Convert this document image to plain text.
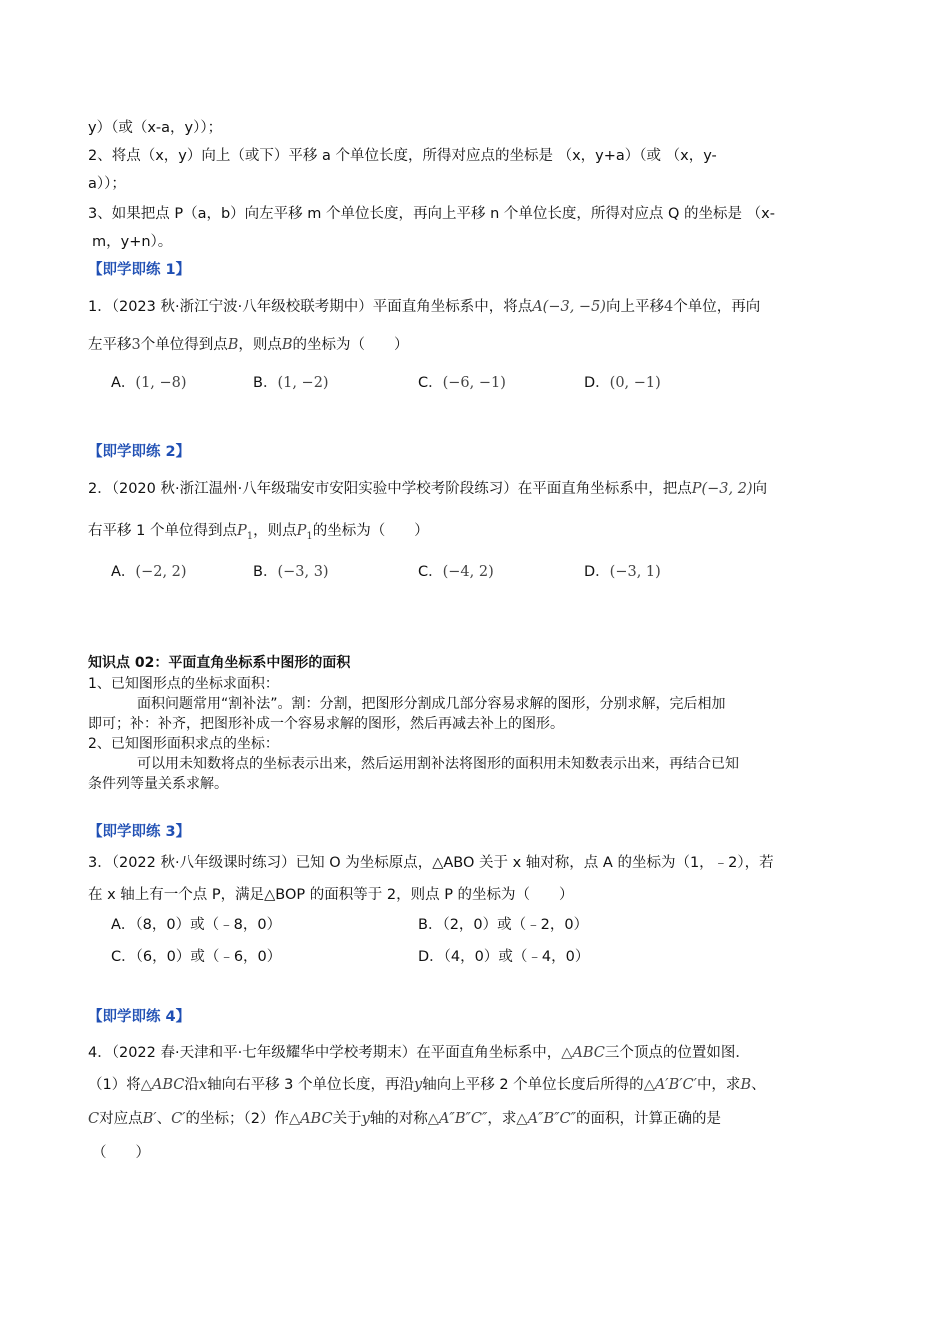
y）（或（x-a，y））；
2、将点（x，y）向上（或下）平移 a 个单位长度，所得对应点的坐标是 （x，y+a）（或 （x，y-
a））；
3、如果把点 P（a，b）向左平移 m 个单位长度，再向上平移 n 个单位长度，所得对应点 Q 的坐标是 （x-
m，y+n）。
【即学即练 1】
1．（2023 秋·浙江宁波·八年级校联考期中）平面直角坐标系中，将点A(−3, −5)向上平移4个单位，再向
左平移3个单位得到点B，则点B的坐标为（　　）
A．(1, −8)	B．(1, −2)	C．(−6, −1)	D．(0, −1)
【即学即练 2】
2．（2020 秋·浙江温州·八年级瑞安市安阳实验中学校考阶段练习）在平面直角坐标系中，把点P(−3, 2)向
右平移 1 个单位得到点$P_1$，则点$P_1$的坐标为（　　）
A．(−2, 2)	B．(−3, 3)	C．(−4, 2)	D．(−3, 1)
知识点 02：平面直角坐标系中图形的面积
1、已知图形点的坐标求面积：
面积问题常用“割补法”。割：分割，把图形分割成几部分容易求解的图形，分别求解，完后相加
即可；补：补齐，把图形补成一个容易求解的图形，然后再减去补上的图形。
2、已知图形面积求点的坐标：
可以用未知数将点的坐标表示出来，然后运用割补法将图形的面积用未知数表示出来，再结合已知
条件列等量关系求解。
【即学即练 3】
3．（2022 秋·八年级课时练习）已知 O 为坐标原点，△ABO 关于 x 轴对称，点 A 的坐标为（1，﹣2），若
在 x 轴上有一个点 P，满足△BOP 的面积等于 2，则点 P 的坐标为（　　）
A．（8，0）或（﹣8，0）	B．（2，0）或（﹣2，0）
C．（6，0）或（﹣6，0）	D．（4，0）或（﹣4，0）
【即学即练 4】
4．（2022 春·天津和平·七年级耀华中学校考期末）在平面直角坐标系中，△ABC三个顶点的位置如图．
（1）将△ABC沿x轴向右平移 3 个单位长度，再沿y轴向上平移 2 个单位长度后所得的△A′B′C′中，求B、
C对应点B′、C′的坐标；（2）作△ABC关于y轴的对称△A″B″C″，求△A″B″C″的面积，计算正确的是
（　　）
